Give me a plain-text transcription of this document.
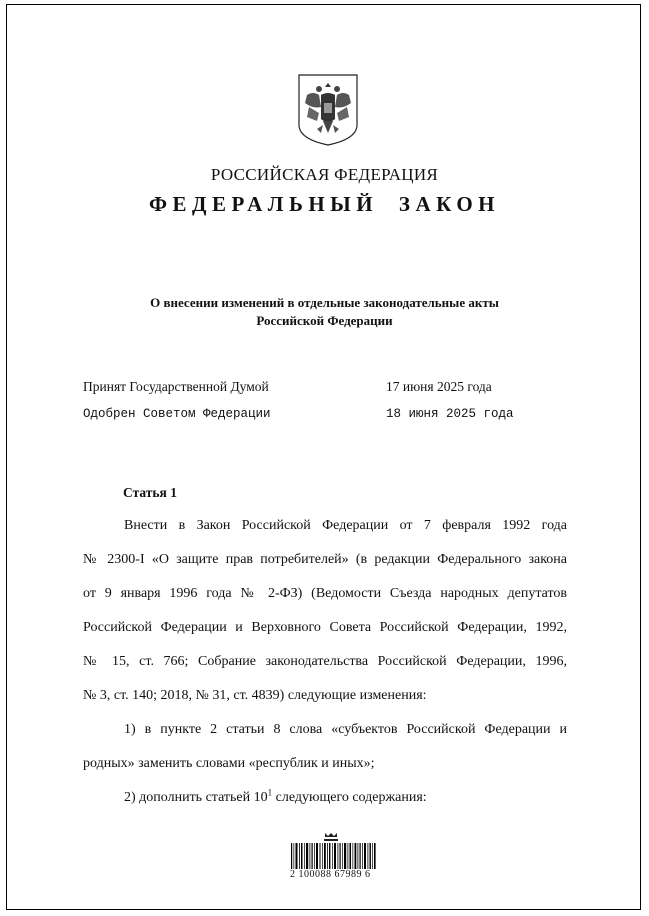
РОССИЙСКАЯ ФЕДЕРАЦИЯ
ФЕДЕРАЛЬНЫЙ ЗАКОН
О внесении изменений в отдельные законодательные акты
Российской Федерации
Принят Государственной Думой	17 июня 2025 года
Одобрен Советом Федерации	18 июня 2025 года
Статья 1
Внести в Закон Российской Федерации от 7 февраля 1992 года
№ 2300-I «О защите прав потребителей» (в редакции Федерального закона
от 9 января 1996 года № 2-ФЗ) (Ведомости Съезда народных депутатов
Российской Федерации и Верховного Совета Российской Федерации, 1992,
№ 15, ст. 766; Собрание законодательства Российской Федерации, 1996,
№ 3, ст. 140; 2018, № 31, ст. 4839) следующие изменения:
1) в пункте 2 статьи 8 слова «субъектов Российской Федерации и
родных» заменить словами «республик и иных»;
2) дополнить статьей $10^1$ следующего содержания:
2 100088 67989 6
